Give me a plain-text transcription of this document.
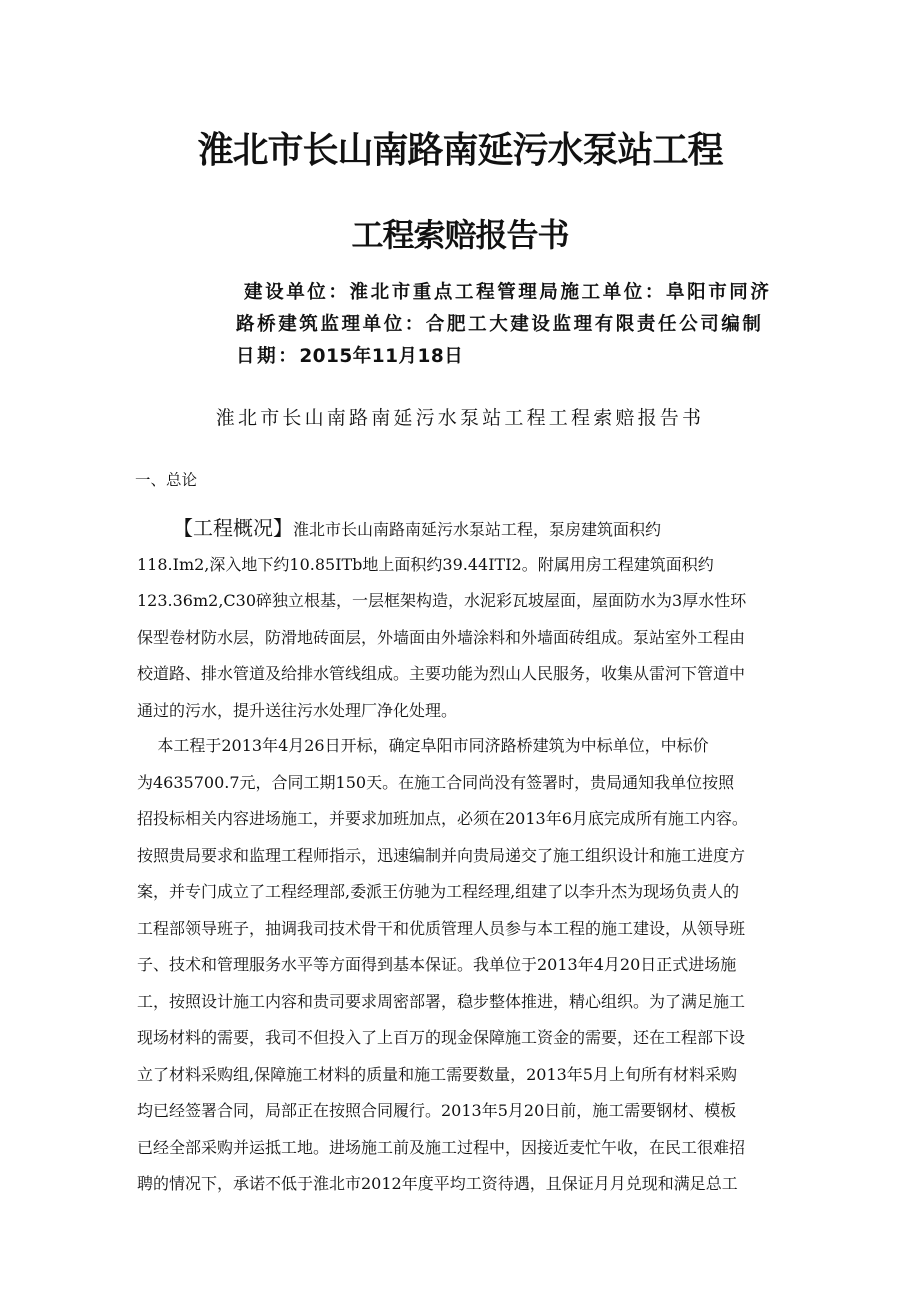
淮北市长山南路南延污水泵站工程
工程索赔报告书
建设单位：淮北市重点工程管理局施工单位：阜阳市同济
路桥建筑监理单位：合肥工大建设监理有限责任公司编制
日期：2015年11月18日
淮北市长山南路南延污水泵站工程工程索赔报告书
一、总论

【工程概况】淮北市长山南路南延污水泵站工程，泵房建筑面积约

118.Im2,深入地下约10.85ITb地上面积约39.44ITI2。附属用房工程建筑面积约

123.36m2,C30碎独立根基，一层框架构造，水泥彩瓦坡屋面，屋面防水为3厚水性环

保型卷材防水层，防滑地砖面层，外墙面由外墙涂料和外墙面砖组成。泵站室外工程由

校道路、排水管道及给排水管线组成。主要功能为烈山人民服务，收集从雷河下管道中

通过的污水，提升送往污水处理厂净化处理。

本工程于2013年4月26日开标，确定阜阳市同济路桥建筑为中标单位，中标价

为4635700.7元，合同工期150天。在施工合同尚没有签署时，贵局通知我单位按照

招投标相关内容进场施工，并要求加班加点，必须在2013年6月底完成所有施工内容。

按照贵局要求和监理工程师指示，迅速编制并向贵局递交了施工组织设计和施工进度方

案，并专门成立了工程经理部,委派王仿驰为工程经理,组建了以李升杰为现场负责人的

工程部领导班子，抽调我司技术骨干和优质管理人员参与本工程的施工建设，从领导班

子、技术和管理服务水平等方面得到基本保证。我单位于2013年4月20日正式进场施

工，按照设计施工内容和贵司要求周密部署，稳步整体推进，精心组织。为了满足施工

现场材料的需要，我司不但投入了上百万的现金保障施工资金的需要，还在工程部下设

立了材料采购组,保障施工材料的质量和施工需要数量，2013年5月上旬所有材料采购

均已经签署合同，局部正在按照合同履行。2013年5月20日前，施工需要钢材、模板

已经全部采购并运抵工地。进场施工前及施工过程中，因接近麦忙午收，在民工很难招

聘的情况下，承诺不低于淮北市2012年度平均工资待遇，且保证月月兑现和满足总工
